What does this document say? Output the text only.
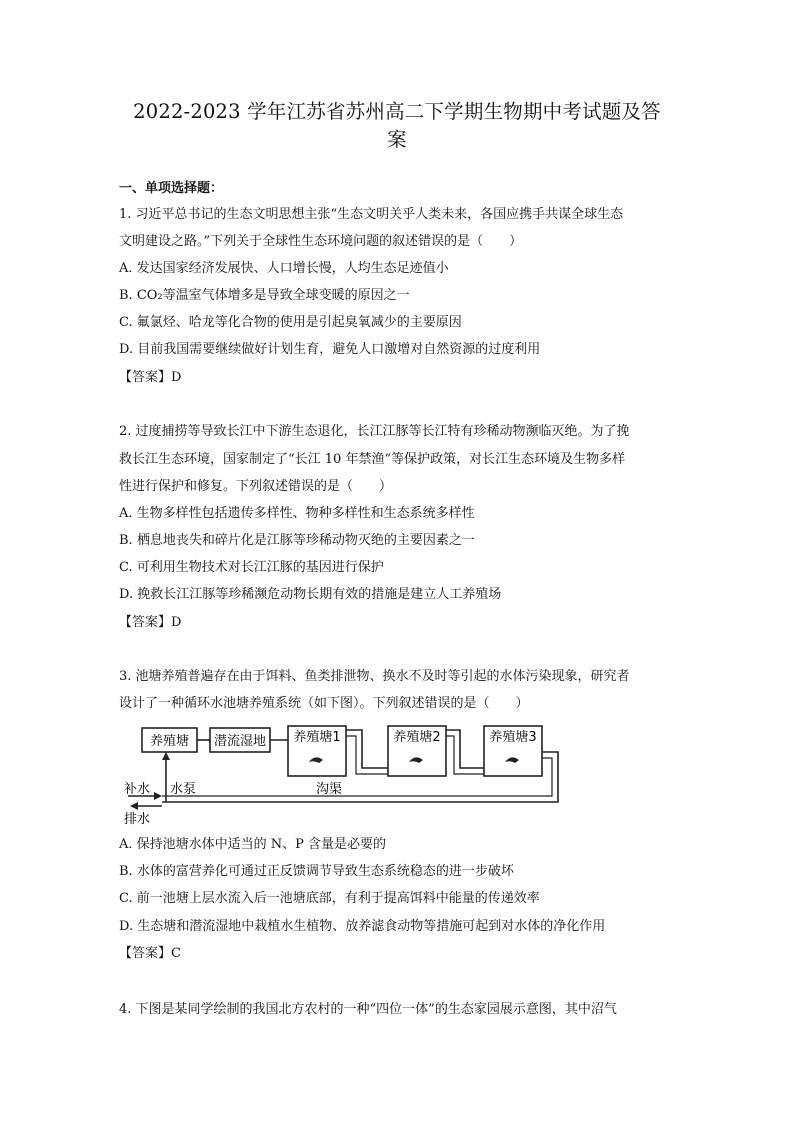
2022-2023 学年江苏省苏州高二下学期生物期中考试题及答
案
一、单项选择题：
1. 习近平总书记的生态文明思想主张“生态文明关乎人类未来，各国应携手共谋全球生态
文明建设之路。”下列关于全球性生态环境问题的叙述错误的是（　　）
A. 发达国家经济发展快、人口增长慢，人均生态足迹值小
B. CO₂等温室气体增多是导致全球变暖的原因之一
C. 氟氯烃、哈龙等化合物的使用是引起臭氧减少的主要原因
D. 目前我国需要继续做好计划生育，避免人口激增对自然资源的过度利用
【答案】D
2. 过度捕捞等导致长江中下游生态退化，长江江豚等长江特有珍稀动物濒临灭绝。为了挽
救长江生态环境，国家制定了“长江 10 年禁渔”等保护政策，对长江生态环境及生物多样
性进行保护和修复。下列叙述错误的是（　　）
A. 生物多样性包括遗传多样性、物种多样性和生态系统多样性
B. 栖息地丧失和碎片化是江豚等珍稀动物灭绝的主要因素之一
C. 可利用生物技术对长江江豚的基因进行保护
D. 挽救长江江豚等珍稀濒危动物长期有效的措施是建立人工养殖场
【答案】D
3. 池塘养殖普遍存在由于饵料、鱼类排泄物、换水不及时等引起的水体污染现象，研究者
设计了一种循环水池塘养殖系统（如下图）。下列叙述错误的是（　　）
养殖塘 潜流湿地 养殖塘1	养殖塘2	养殖塘3
补水 水泵	沟渠
排水
A. 保持池塘水体中适当的 N、P 含量是必要的
B. 水体的富营养化可通过正反馈调节导致生态系统稳态的进一步破坏
C. 前一池塘上层水流入后一池塘底部，有利于提高饵料中能量的传递效率
D. 生态塘和潜流湿地中栽植水生植物、放养滤食动物等措施可起到对水体的净化作用
【答案】C
4. 下图是某同学绘制的我国北方农村的一种“四位一体”的生态家园展示意图，其中沼气
